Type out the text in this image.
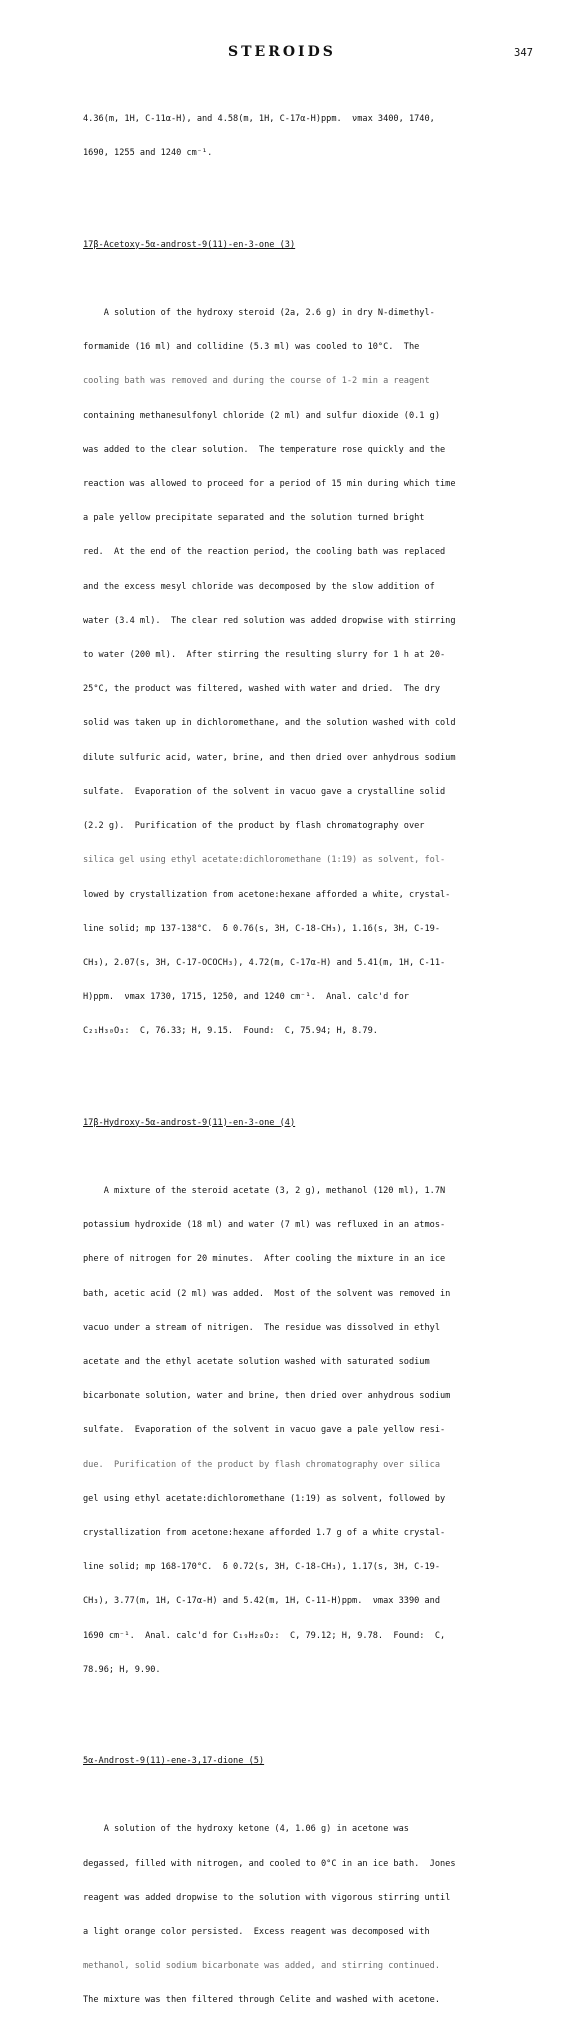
STEROIDS	347

4.36(m, 1H, C-11α-H), and 4.58(m, 1H, C-17α-H)ppm.  νmax 3400, 1740,

1690, 1255 and 1240 cm⁻¹.

17β-Acetoxy-5α-androst-9(11)-en-3-one (3)

A solution of the hydroxy steroid (2a, 2.6 g) in dry N-dimethyl-

formamide (16 ml) and collidine (5.3 ml) was cooled to 10°C.  The

cooling bath was removed and during the course of 1-2 min a reagent

containing methanesulfonyl chloride (2 ml) and sulfur dioxide (0.1 g)

was added to the clear solution.  The temperature rose quickly and the

reaction was allowed to proceed for a period of 15 min during which time

a pale yellow precipitate separated and the solution turned bright

red.  At the end of the reaction period, the cooling bath was replaced

and the excess mesyl chloride was decomposed by the slow addition of

water (3.4 ml).  The clear red solution was added dropwise with stirring

to water (200 ml).  After stirring the resulting slurry for 1 h at 20-

25°C, the product was filtered, washed with water and dried.  The dry

solid was taken up in dichloromethane, and the solution washed with cold

dilute sulfuric acid, water, brine, and then dried over anhydrous sodium

sulfate.  Evaporation of the solvent in vacuo gave a crystalline solid

(2.2 g).  Purification of the product by flash chromatography over

silica gel using ethyl acetate:dichloromethane (1:19) as solvent, fol-

lowed by crystallization from acetone:hexane afforded a white, crystal-

line solid; mp 137-138°C.  δ 0.76(s, 3H, C-18-CH₃), 1.16(s, 3H, C-19-

CH₃), 2.07(s, 3H, C-17-OCOCH₃), 4.72(m, C-17α-H) and 5.41(m, 1H, C-11-

H)ppm.  νmax 1730, 1715, 1250, and 1240 cm⁻¹.  Anal. calc'd for

C₂₁H₃₀O₃:  C, 76.33; H, 9.15.  Found:  C, 75.94; H, 8.79.

17β-Hydroxy-5α-androst-9(11)-en-3-one (4)

A mixture of the steroid acetate (3, 2 g), methanol (120 ml), 1.7N

potassium hydroxide (18 ml) and water (7 ml) was refluxed in an atmos-

phere of nitrogen for 20 minutes.  After cooling the mixture in an ice

bath, acetic acid (2 ml) was added.  Most of the solvent was removed in

vacuo under a stream of nitrigen.  The residue was dissolved in ethyl

acetate and the ethyl acetate solution washed with saturated sodium

bicarbonate solution, water and brine, then dried over anhydrous sodium

sulfate.  Evaporation of the solvent in vacuo gave a pale yellow resi-

due.  Purification of the product by flash chromatography over silica

gel using ethyl acetate:dichloromethane (1:19) as solvent, followed by

crystallization from acetone:hexane afforded 1.7 g of a white crystal-

line solid; mp 168-170°C.  δ 0.72(s, 3H, C-18-CH₃), 1.17(s, 3H, C-19-

CH₃), 3.77(m, 1H, C-17α-H) and 5.42(m, 1H, C-11-H)ppm.  νmax 3390 and

1690 cm⁻¹.  Anal. calc'd for C₁₉H₂₈O₂:  C, 79.12; H, 9.78.  Found:  C,

78.96; H, 9.90.

5α-Androst-9(11)-ene-3,17-dione (5)

A solution of the hydroxy ketone (4, 1.06 g) in acetone was

degassed, filled with nitrogen, and cooled to 0°C in an ice bath.  Jones

reagent was added dropwise to the solution with vigorous stirring until

a light orange color persisted.  Excess reagent was decomposed with

methanol, solid sodium bicarbonate was added, and stirring continued.

The mixture was then filtered through Celite and washed with acetone.
